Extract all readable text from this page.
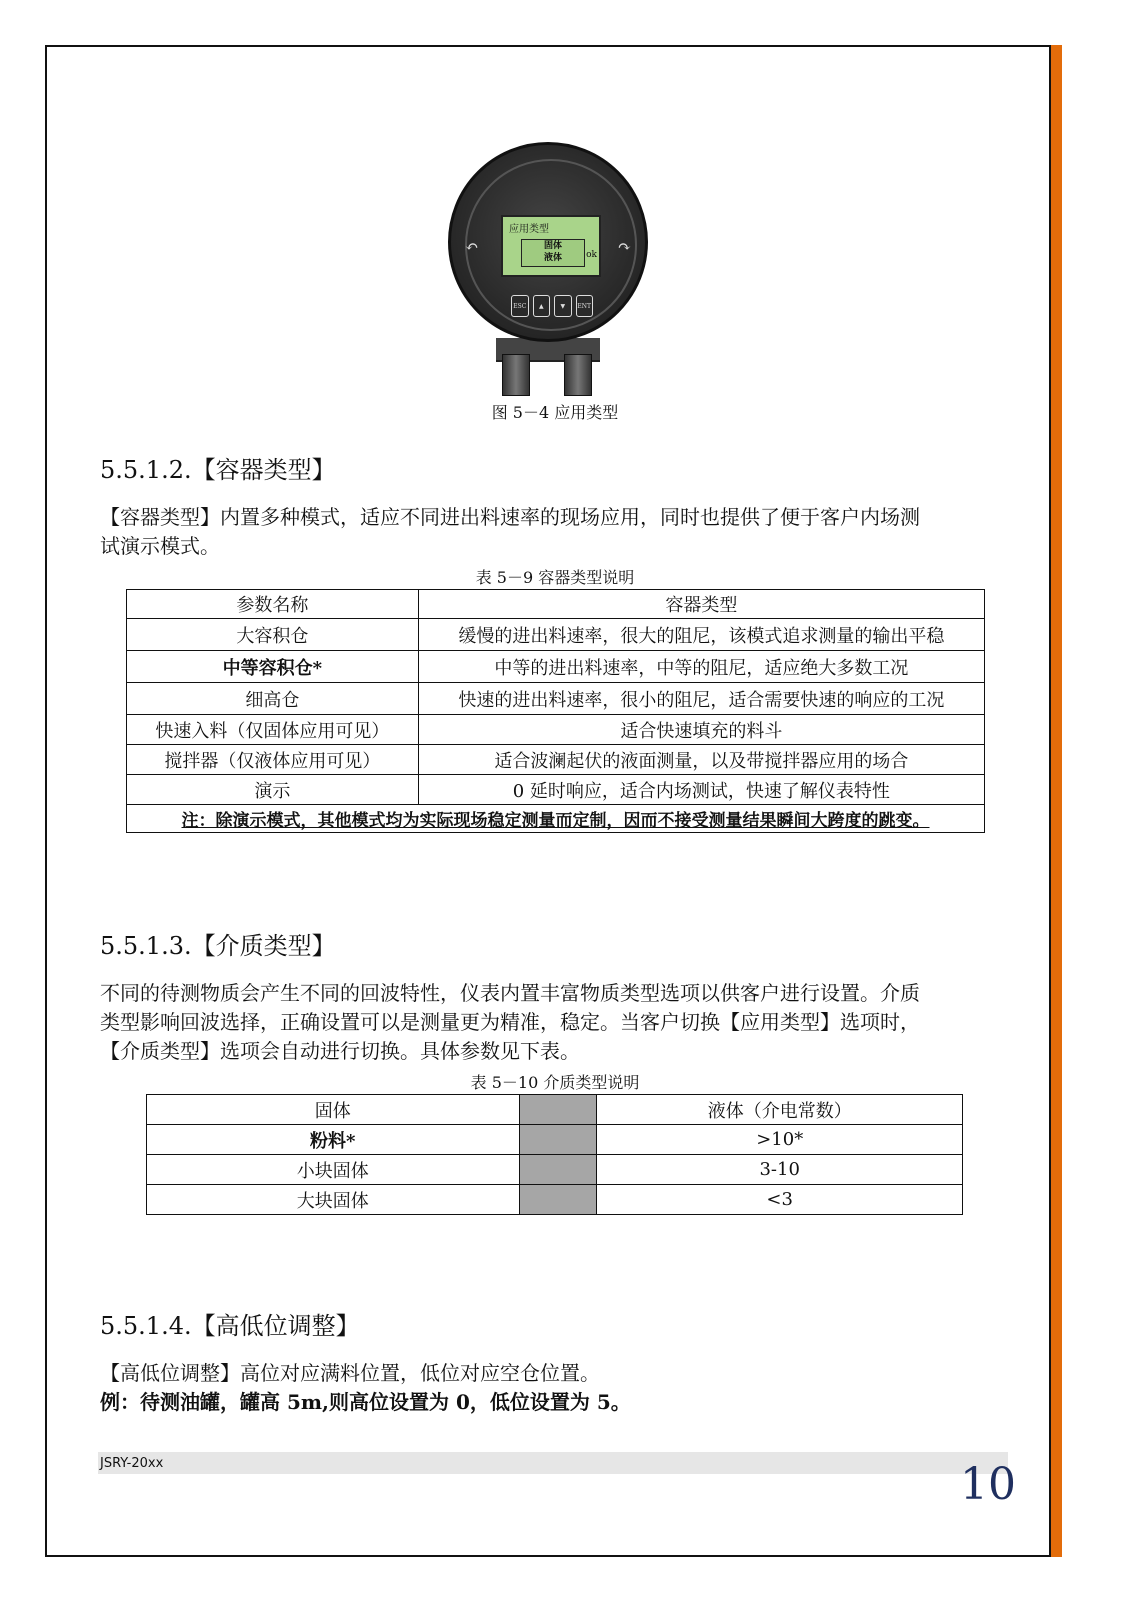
应用类型
固体
液体	ok
↶	↷
ESC	▲	▼	ENT
图 5－4 应用类型
5.5.1.2.【容器类型】
【容器类型】内置多种模式，适应不同进出料速率的现场应用，同时也提供了便于客户内场测
试演示模式。
表 5－9 容器类型说明
参数名称	容器类型
大容积仓	缓慢的进出料速率，很大的阻尼，该模式追求测量的输出平稳
中等容积仓*	中等的进出料速率，中等的阻尼，适应绝大多数工况
细高仓	快速的进出料速率，很小的阻尼，适合需要快速的响应的工况
快速入料（仅固体应用可见）	适合快速填充的料斗
搅拌器（仅液体应用可见）	适合波澜起伏的液面测量，以及带搅拌器应用的场合
演示	0 延时响应，适合内场测试，快速了解仪表特性
注：除演示模式，其他模式均为实际现场稳定测量而定制，因而不接受测量结果瞬间大跨度的跳变。	
5.5.1.3.【介质类型】
不同的待测物质会产生不同的回波特性，仪表内置丰富物质类型选项以供客户进行设置。介质
类型影响回波选择，正确设置可以是测量更为精准，稳定。当客户切换【应用类型】选项时，
【介质类型】选项会自动进行切换。具体参数见下表。
表 5－10 介质类型说明
固体		液体（介电常数）
粉料*		>10*
小块固体		3-10
大块固体		<3
5.5.1.4.【高低位调整】
【高低位调整】高位对应满料位置，低位对应空仓位置。
例：待测油罐，罐高 5m,则高位设置为 0，低位设置为 5。
JSRY-20xx	10
